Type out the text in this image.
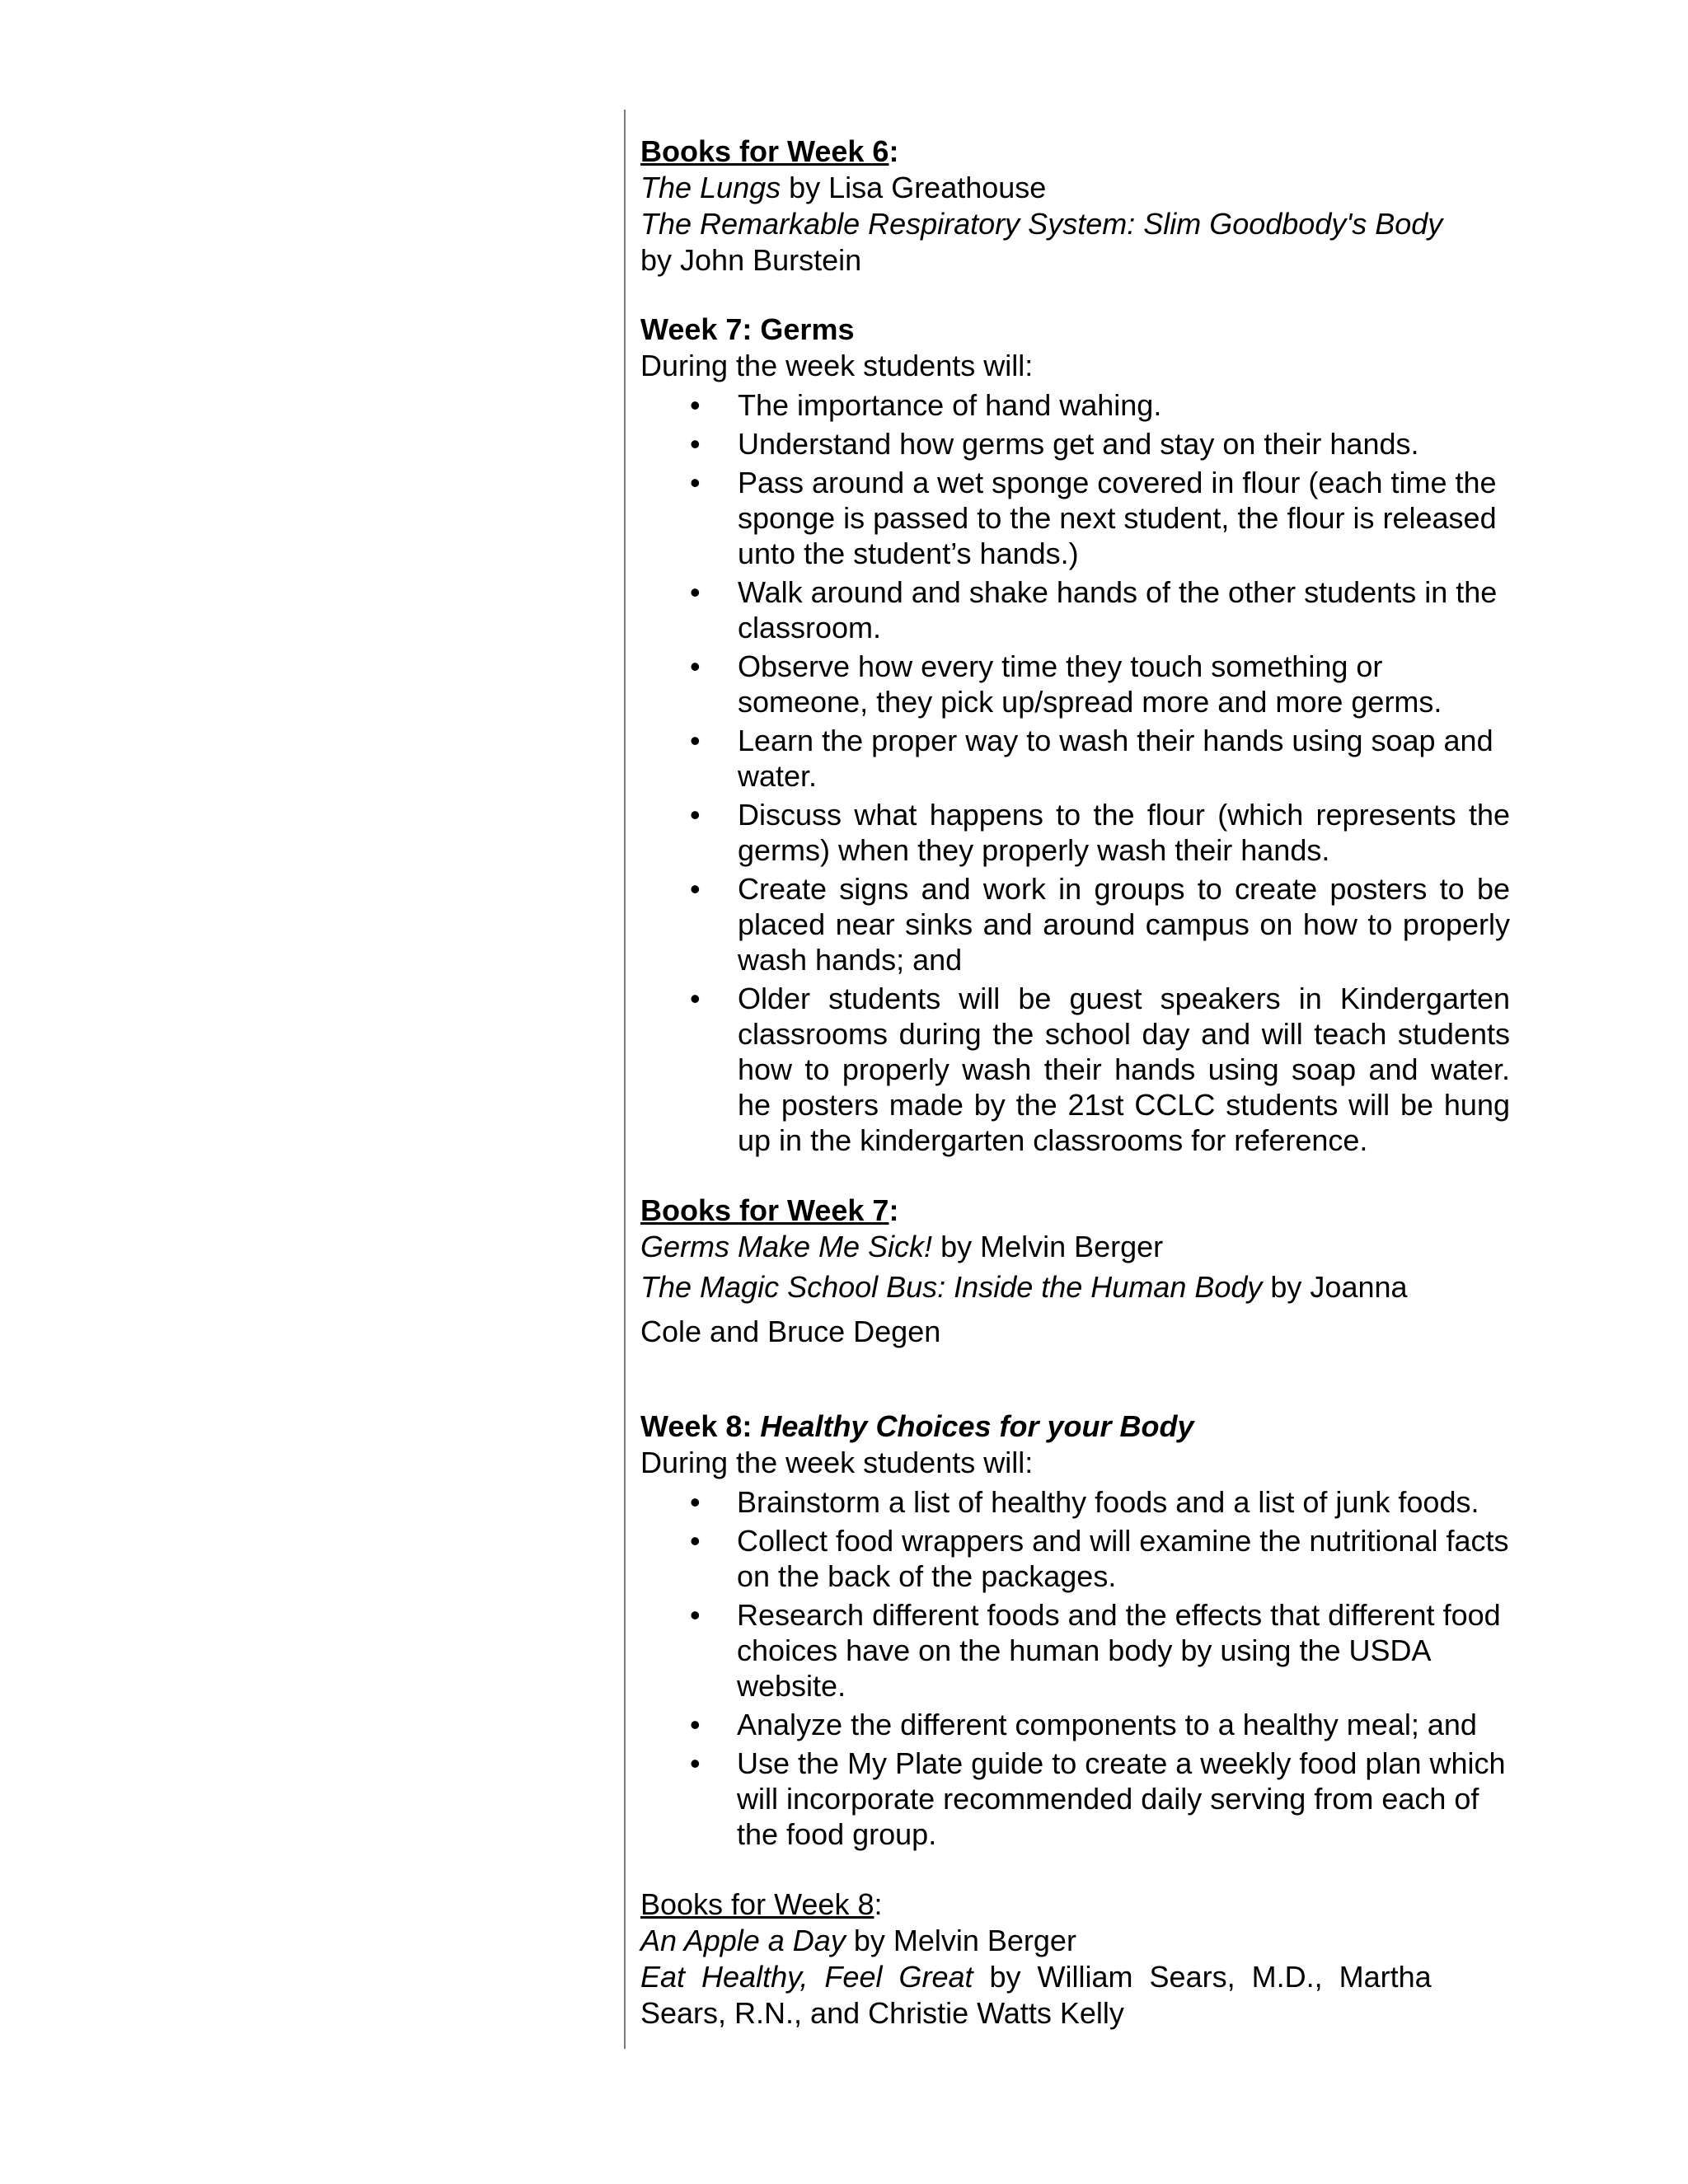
Books for Week 6:

The Lungs by Lisa Greathouse

The Remarkable Respiratory System: Slim Goodbody's Body

by John Burstein

Week 7: Germs

During the week students will:

• The importance of hand wahing.
• Understand how germs get and stay on their hands.
• Pass around a wet sponge covered in flour (each time the sponge is passed to the next student, the flour is released unto the student’s hands.)
• Walk around and shake hands of the other students in the classroom.
• Observe how every time they touch something or someone, they pick up/spread more and more germs.
• Learn the proper way to wash their hands using soap and water.
• Discuss what happens to the flour (which represents the germs) when they properly wash their hands.
• Create signs and work in groups to create posters to be placed near sinks and around campus on how to properly wash hands; and
• Older students will be guest speakers in Kindergarten classrooms during the school day and will teach students how to properly wash their hands using soap and water. he posters made by the 21st CCLC students will be hung up in the kindergarten classrooms for reference.

Books for Week 7:

Germs Make Me Sick! by Melvin Berger

The Magic School Bus: Inside the Human Body by Joanna

Cole and Bruce Degen

Week 8: Healthy Choices for your Body

During the week students will:

• Brainstorm a list of healthy foods and a list of junk foods.
• Collect food wrappers and will examine the nutritional facts on the back of the packages.
• Research different foods and the effects that different food choices have on the human body by using the USDA website.
• Analyze the different components to a healthy meal; and
• Use the My Plate guide to create a weekly food plan which will incorporate recommended daily serving from each of the food group.

Books for Week 8:

An Apple a Day by Melvin Berger

Eat  Healthy,  Feel  Great  by  William  Sears,  M.D.,  Martha

Sears, R.N., and Christie Watts Kelly
